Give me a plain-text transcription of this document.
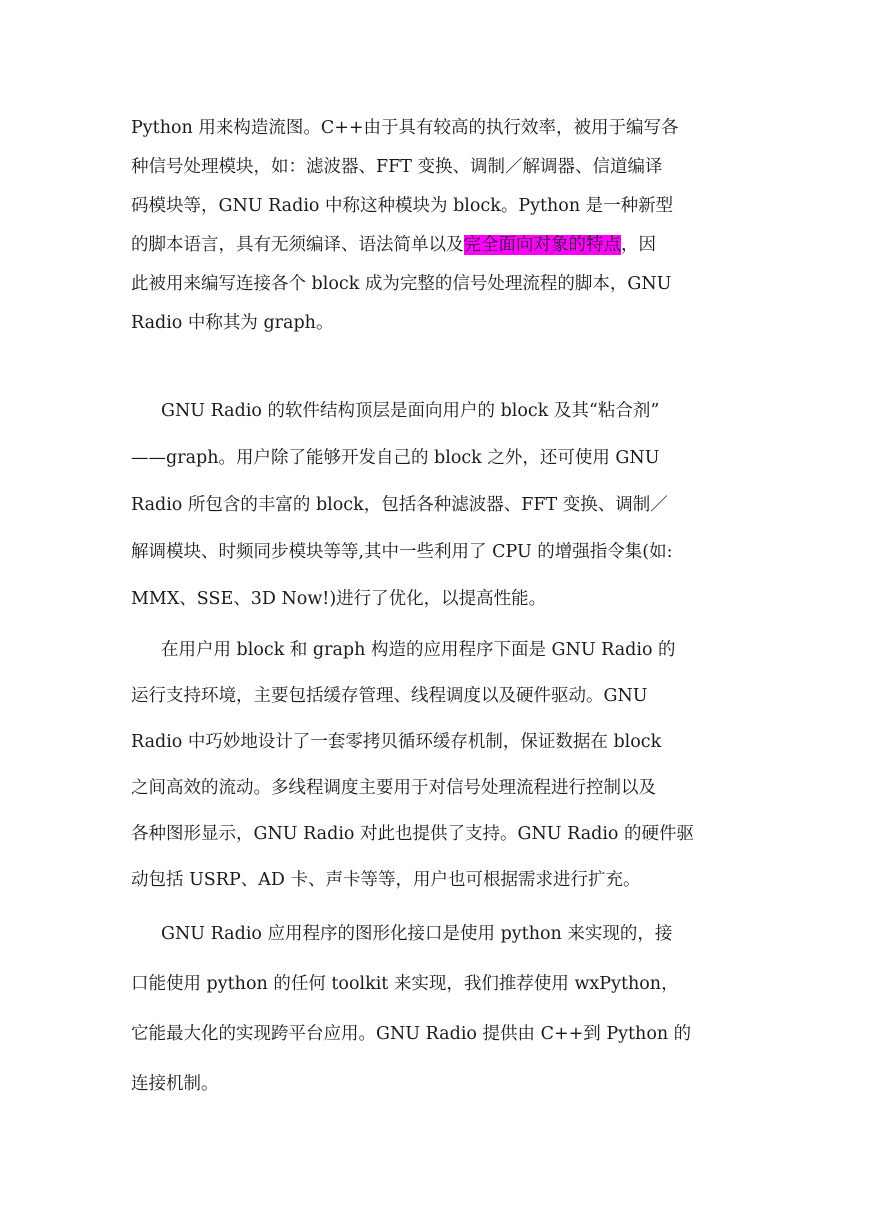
Python 用来构造流图。C++由于具有较高的执行效率，被用于编写各
种信号处理模块，如：滤波器、FFT 变换、调制／解调器、信道编译
码模块等，GNU Radio 中称这种模块为 block。Python 是一种新型
的脚本语言，具有无须编译、语法简单以及完全面向对象的特点，因
此被用来编写连接各个 block 成为完整的信号处理流程的脚本，GNU
Radio 中称其为 graph。
GNU Radio 的软件结构顶层是面向用户的 block 及其“粘合剂”
——graph。用户除了能够开发自己的 block 之外，还可使用 GNU
Radio 所包含的丰富的 block，包括各种滤波器、FFT 变换、调制／
解调模块、时频同步模块等等,其中一些利用了 CPU 的增强指令集(如:
MMX、SSE、3D Now!)进行了优化，以提高性能。
在用户用 block 和 graph 构造的应用程序下面是 GNU Radio 的
运行支持环境，主要包括缓存管理、线程调度以及硬件驱动。GNU
Radio 中巧妙地设计了一套零拷贝循环缓存机制，保证数据在 block
之间高效的流动。多线程调度主要用于对信号处理流程进行控制以及
各种图形显示，GNU Radio 对此也提供了支持。GNU Radio 的硬件驱
动包括 USRP、AD 卡、声卡等等，用户也可根据需求进行扩充。
GNU Radio 应用程序的图形化接口是使用 python 来实现的，接
口能使用 python 的任何 toolkit 来实现，我们推荐使用 wxPython，
它能最大化的实现跨平台应用。GNU Radio 提供由 C++到 Python 的
连接机制。
